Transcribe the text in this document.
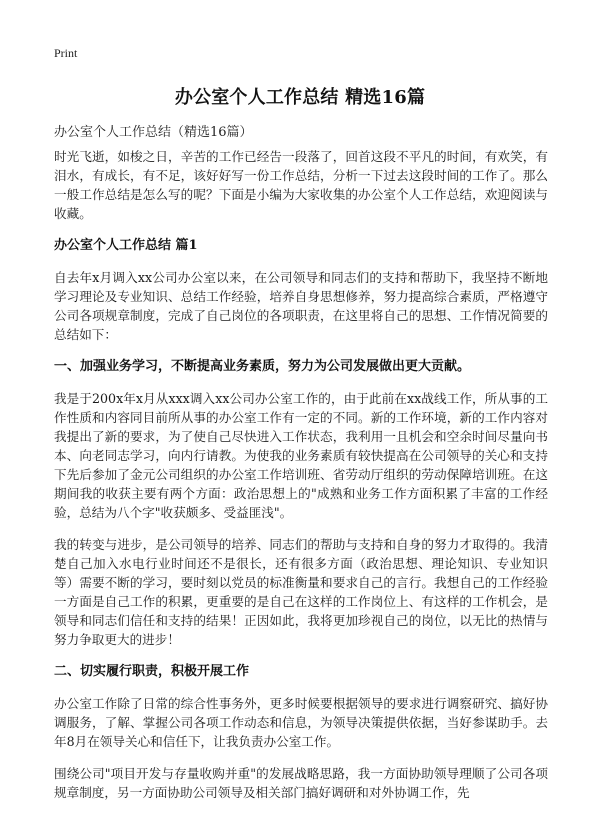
Print
办公室个人工作总结 精选16篇
办公室个人工作总结（精选16篇）

时光飞逝，如梭之日，辛苦的工作已经告一段落了，回首这段不平凡的时间，有欢笑，有泪水，有成长，有不足，该好好写一份工作总结，分析一下过去这段时间的工作了。那么一般工作总结是怎么写的呢？下面是小编为大家收集的办公室个人工作总结，欢迎阅读与收藏。

办公室个人工作总结 篇1

自去年x月调入xx公司办公室以来，在公司领导和同志们的支持和帮助下，我坚持不断地学习理论及专业知识、总结工作经验，培养自身思想修养，努力提高综合素质，严格遵守公司各项规章制度，完成了自己岗位的各项职责，在这里将自己的思想、工作情况简要的总结如下：

一、加强业务学习，不断提高业务素质，努力为公司发展做出更大贡献。

我是于200x年x月从xxx调入xx公司办公室工作的，由于此前在xx战线工作，所从事的工作性质和内容同目前所从事的办公室工作有一定的不同。新的工作环境，新的工作内容对我提出了新的要求，为了使自己尽快进入工作状态，我利用一且机会和空余时间尽量向书本、向老同志学习，向内行请教。为使我的业务素质有较快提高在公司领导的关心和支持下先后参加了金元公司组织的办公室工作培训班、省劳动厅组织的劳动保障培训班。在这期间我的收获主要有两个方面：政治思想上的"成熟和业务工作方面积累了丰富的工作经验，总结为八个字"收获颇多、受益匪浅"。

我的转变与进步，是公司领导的培养、同志们的帮助与支持和自身的努力才取得的。我清楚自己加入水电行业时间还不是很长，还有很多方面（政治思想、理论知识、专业知识等）需要不断的学习，要时刻以党员的标准衡量和要求自己的言行。我想自己的工作经验一方面是自己工作的积累，更重要的是自己在这样的工作岗位上、有这样的工作机会，是领导和同志们信任和支持的结果！正因如此，我将更加珍视自己的岗位，以无比的热情与努力争取更大的进步！

二、切实履行职责，积极开展工作

办公室工作除了日常的综合性事务外，更多时候要根据领导的要求进行调察研究、搞好协调服务，了解、掌握公司各项工作动态和信息，为领导决策提供依据，当好参谋助手。去年8月在领导关心和信任下，让我负责办公室工作。

围绕公司"项目开发与存量收购并重"的发展战略思路，我一方面协助领导理顺了公司各项规章制度，另一方面协助公司领导及相关部门搞好调研和对外协调工作，先
